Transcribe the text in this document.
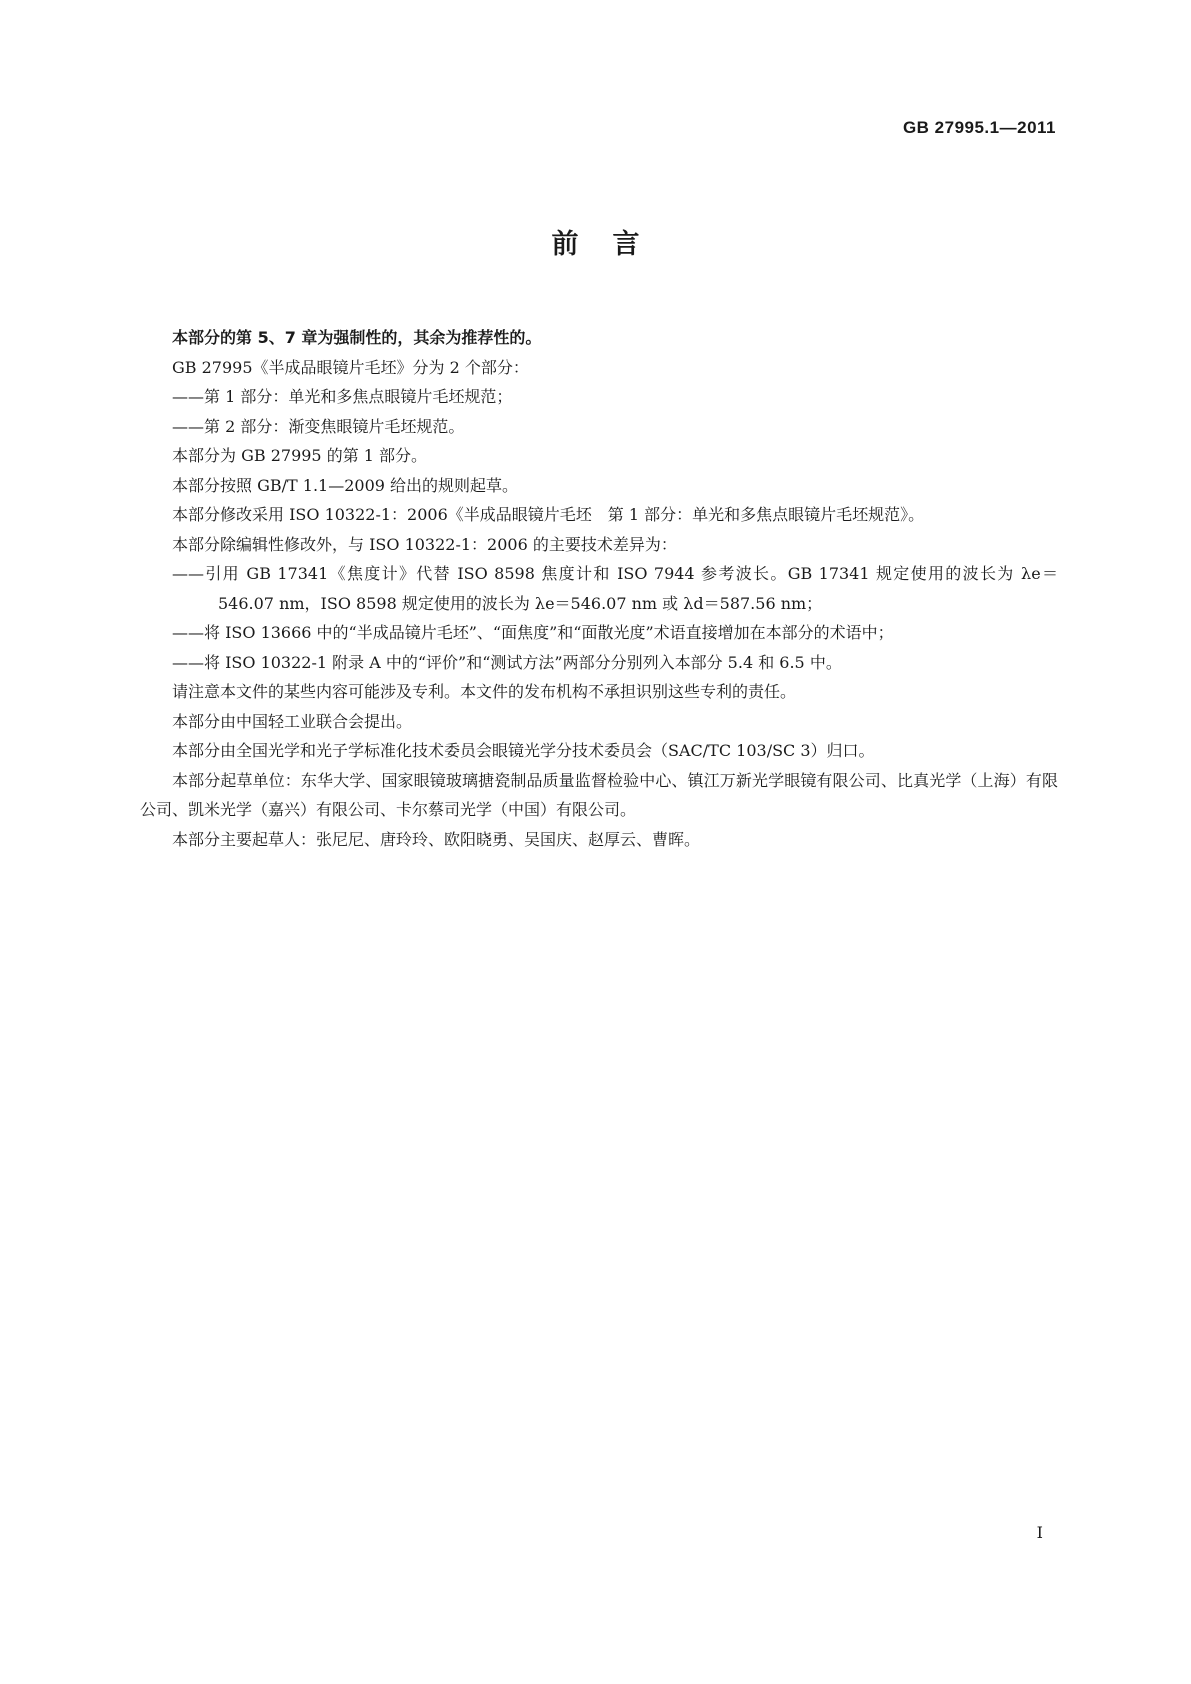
GB 27995.1—2011
前言

本部分的第 5、7 章为强制性的，其余为推荐性的。

GB 27995《半成品眼镜片毛坯》分为 2 个部分：

——第 1 部分：单光和多焦点眼镜片毛坯规范；

——第 2 部分：渐变焦眼镜片毛坯规范。

本部分为 GB 27995 的第 1 部分。

本部分按照 GB/T 1.1—2009 给出的规则起草。

本部分修改采用 ISO 10322-1：2006《半成品眼镜片毛坯　第 1 部分：单光和多焦点眼镜片毛坯规范》。

本部分除编辑性修改外，与 ISO 10322-1：2006 的主要技术差异为：

——引用 GB 17341《焦度计》代替 ISO 8598 焦度计和 ISO 7944 参考波长。GB 17341 规定使用的波长为 λe＝546.07 nm，ISO 8598 规定使用的波长为 λe＝546.07 nm 或 λd＝587.56 nm；

——将 ISO 13666 中的“半成品镜片毛坯”、“面焦度”和“面散光度”术语直接增加在本部分的术语中；

——将 ISO 10322-1 附录 A 中的“评价”和“测试方法”两部分分别列入本部分 5.4 和 6.5 中。

请注意本文件的某些内容可能涉及专利。本文件的发布机构不承担识别这些专利的责任。

本部分由中国轻工业联合会提出。

本部分由全国光学和光子学标准化技术委员会眼镜光学分技术委员会（SAC/TC 103/SC 3）归口。

本部分起草单位：东华大学、国家眼镜玻璃搪瓷制品质量监督检验中心、镇江万新光学眼镜有限公司、比真光学（上海）有限公司、凯米光学（嘉兴）有限公司、卡尔蔡司光学（中国）有限公司。

本部分主要起草人：张尼尼、唐玲玲、欧阳晓勇、吴国庆、赵厚云、曹晖。

I
